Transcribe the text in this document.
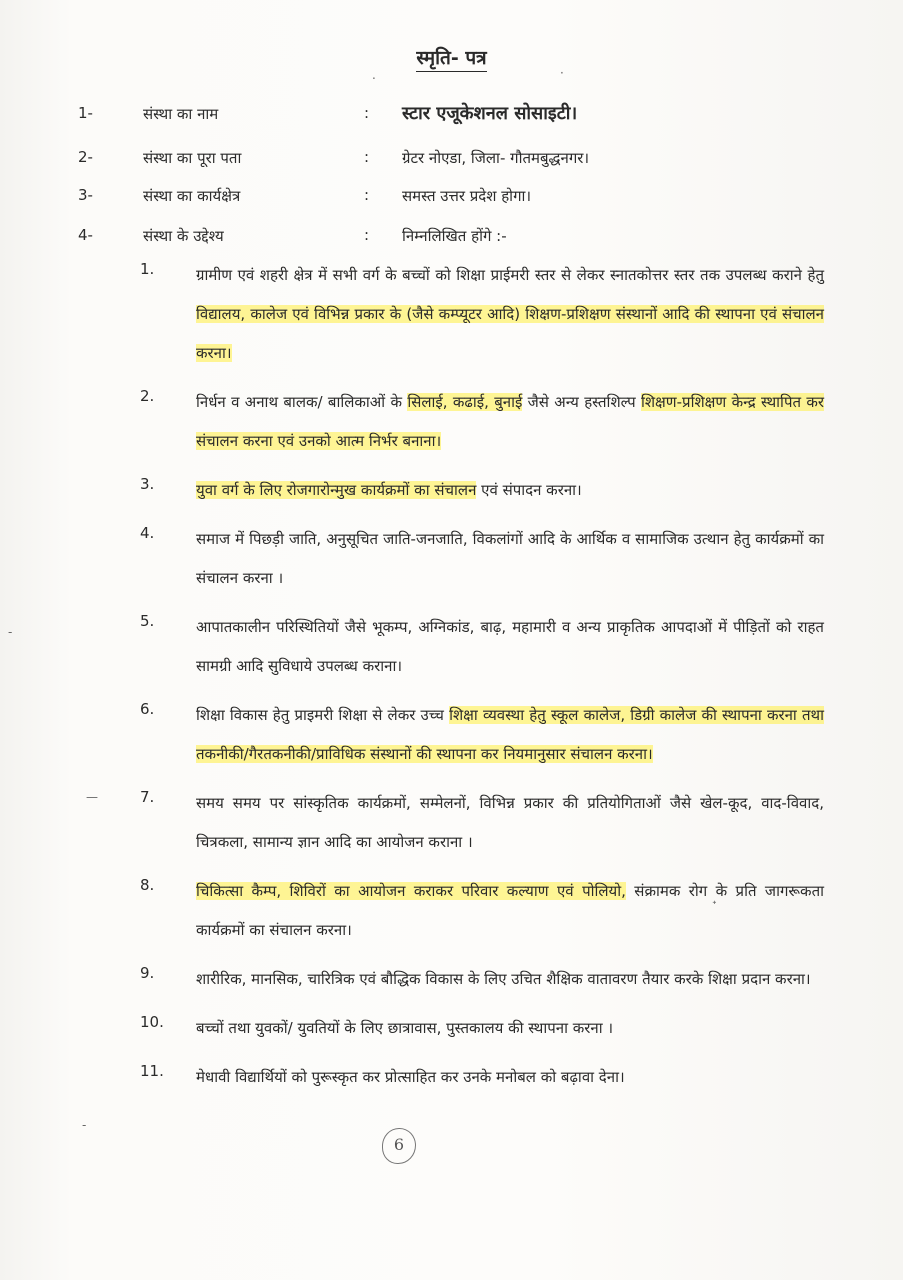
स्मृति- पत्र
1-	संस्था का नाम	: स्टार एजूकेशनल सोसाइटी।
2-	संस्था का पूरा पता	: ग्रेटर नोएडा, जिला- गौतमबुद्धनगर।
3-	संस्था का कार्यक्षेत्र	: समस्त उत्तर प्रदेश होगा।
4-	संस्था के उद्देश्य	: निम्नलिखित होंगे :-
1.	ग्रामीण एवं शहरी क्षेत्र में सभी वर्ग के बच्चों को शिक्षा प्राईमरी स्तर से लेकर स्नातकोत्तर स्तर तक उपलब्ध कराने हेतु विद्यालय, कालेज एवं विभिन्न प्रकार के (जैसे कम्प्यूटर आदि) शिक्षण-प्रशिक्षण संस्थानों आदि की स्थापना एवं संचालन करना।
2.	निर्धन व अनाथ बालक/ बालिकाओं के सिलाई, कढाई, बुनाई जैसे अन्य हस्तशिल्प शिक्षण-प्रशिक्षण केन्द्र स्थापित कर संचालन करना एवं उनको आत्म निर्भर बनाना।
3.	युवा वर्ग के लिए रोजगारोन्मुख कार्यक्रमों का संचालन एवं संपादन करना।
4.	समाज में पिछड़ी जाति, अनुसूचित जाति-जनजाति, विकलांगों आदि के आर्थिक व सामाजिक उत्थान हेतु कार्यक्रमों का संचालन करना ।
5.	आपातकालीन परिस्थितियों जैसे भूकम्प, अग्निकांड, बाढ़, महामारी व अन्य प्राकृतिक आपदाओं में पीड़ितों को राहत सामग्री आदि सुविधाये उपलब्ध कराना।
6.	शिक्षा विकास हेतु प्राइमरी शिक्षा से लेकर उच्च शिक्षा व्यवस्था हेतु स्कूल कालेज, डिग्री कालेज की स्थापना करना तथा तकनीकी/गैरतकनीकी/प्राविधिक संस्थानों की स्थापना कर नियमानुसार संचालन करना।
7.	समय समय पर सांस्कृतिक कार्यक्रमों, सम्मेलनों, विभिन्न प्रकार की प्रतियोगिताओं जैसे खेल-कूद, वाद-विवाद, चित्रकला, सामान्य ज्ञान आदि का आयोजन कराना ।
8.	चिकित्सा कैम्प, शिविरों का आयोजन कराकर परिवार कल्याण एवं पोलियो, संक्रामक रोग के प्रति जागरूकता कार्यक्रमों का संचालन करना।
9.	शारीरिक, मानसिक, चारित्रिक एवं बौद्धिक विकास के लिए उचित शैक्षिक वातावरण तैयार करके शिक्षा प्रदान करना।
10. बच्चों तथा युवकों/ युवतियों के लिए छात्रावास, पुस्तकालय की स्थापना करना ।
11. मेधावी विद्यार्थियों को पुरूस्कृत कर प्रोत्साहित कर उनके मनोबल को बढ़ावा देना।
6
.	·
—
ᐩ
-
-
